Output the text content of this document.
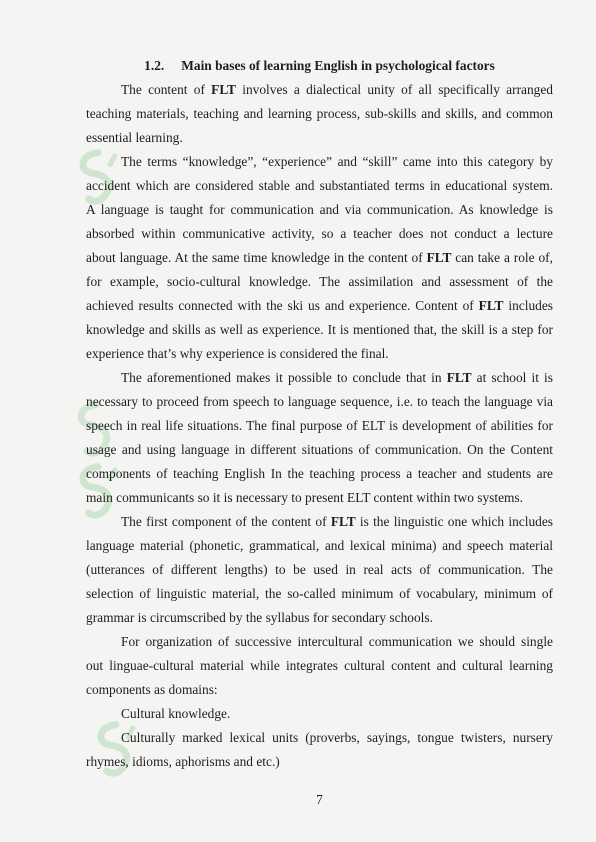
1.2. Main bases of learning English in psychological factors
The content of FLT involves a dialectical unity of all specifically arranged
teaching materials, teaching and learning process, sub-skills and skills, and common
essential learning.
The terms “knowledge”, “experience” and “skill” came into this category by
accident which are considered stable and substantiated terms in educational system.
A language is taught for communication and via communication. As knowledge is
absorbed within communicative activity, so a teacher does not conduct a lecture
about language. At the same time knowledge in the content of FLT can take a role of,
for example, socio-cultural knowledge. The assimilation and assessment of the
achieved results connected with the ski us and experience. Content of FLT includes
knowledge and skills as well as experience. It is mentioned that, the skill is a step for
experience that’s why experience is considered the final.
The aforementioned makes it possible to conclude that in FLT at school it is
necessary to proceed from speech to language sequence, i.e. to teach the language via
speech in real life situations. The final purpose of ELT is development of abilities for
usage and using language in different situations of communication. On the Content
components of teaching English In the teaching process a teacher and students are
main communicants so it is necessary to present ELT content within two systems.
The first component of the content of FLT is the linguistic one which includes
language material (phonetic, grammatical, and lexical minima) and speech material
(utterances of different lengths) to be used in real acts of communication. The
selection of linguistic material, the so-called minimum of vocabulary, minimum of
grammar is circumscribed by the syllabus for secondary schools.
For organization of successive intercultural communication we should single
out linguae-cultural material while integrates cultural content and cultural learning
components as domains:
Cultural knowledge.
Culturally marked lexical units (proverbs, sayings, tongue twisters, nursery
rhymes, idioms, aphorisms and etc.)
7
